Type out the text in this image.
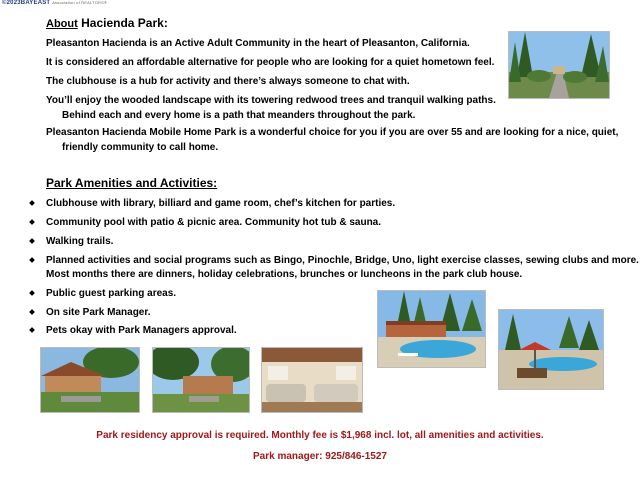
©2023BAYEAST Association of REALTORS®
About Hacienda Park:
Pleasanton Hacienda is an Active Adult Community in the heart of Pleasanton, California.
It is considered an affordable alternative for people who are looking for a quiet hometown feel.
The clubhouse is a hub for activity and there’s always someone to chat with.
You’ll enjoy the wooded landscape with its towering redwood trees and tranquil walking paths.
Behind each and every home is a path that meanders throughout the park.
Pleasanton Hacienda Mobile Home Park is a wonderful choice for you if you are over 55 and are looking for a nice, quiet,
friendly community to call home.
Park Amenities and Activities:
Clubhouse with library, billiard and game room, chef’s kitchen for parties.
Community pool with patio & picnic area. Community hot tub & sauna.
Walking trails.
Planned activities and social programs such as Bingo, Pinochle, Bridge, Uno, light exercise classes, sewing clubs and more.
Most months there are dinners, holiday celebrations, brunches or luncheons in the park club house.
Public guest parking areas.
On site Park Manager.
Pets okay with Park Managers approval.
Park residency approval is required. Monthly fee is $1,968 incl. lot, all amenities and activities.
Park manager: 925/846-1527
